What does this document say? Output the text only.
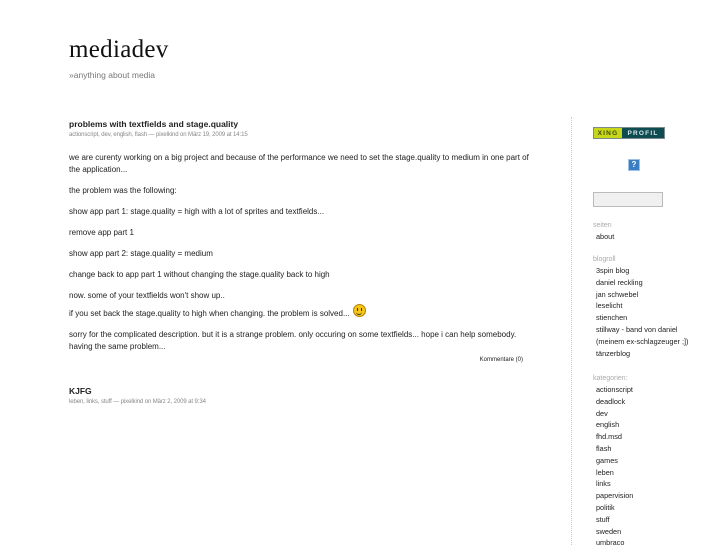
mediadev
»anything about media
problems with textfields and stage.quality
actionscript, dev, english, flash — pixelkind on März 19, 2009 at 14:15

we are curenty working on a big project and because of the performance we need to set the stage.quality to medium in one part of the application...

the problem was the following:

show app part 1: stage.quality = high with a lot of sprites and textfields...

remove app part 1

show app part 2: stage.quality = medium

change back to app part 1 without changing the stage.quality back to high

now. some of your textfields won't show up..

if you set back the stage.quality to high when changing. the problem is solved...

sorry for the complicated description. but it is a strange problem. only occuring on some textfields... hope i can help somebody. having the same problem...

Kommentare (0)
KJFG
leben, links, stuff — pixelkind on März 2, 2009 at 9:34
XING	PROFIL
?
seiten
about
blogroll
3spin blog
daniel reckling
jan schwebel
leselicht
stienchen
stillway - band von daniel
(meinem ex-schlagzeuger ;])
tänzerblog
kategorien:
actionscript
deadlock
dev
english
fhd.msd
flash
games
leben
links
papervision
politik
stuff
sweden
umbraco
